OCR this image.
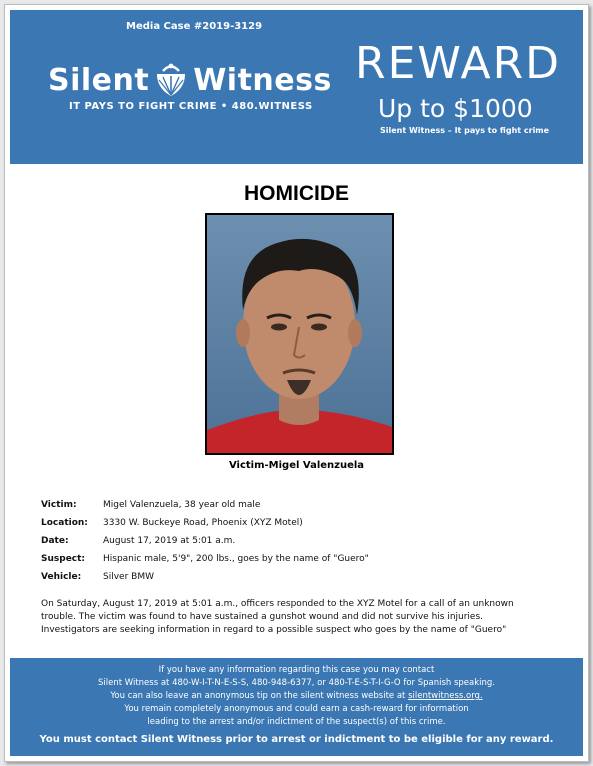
Media Case #2019-3129
Silent Witness
IT PAYS TO FIGHT CRIME • 480.WITNESS
REWARD
Up to $1000
Silent Witness – It pays to fight crime
HOMICIDE
Victim-Migel Valenzuela
Victim:	Migel Valenzuela, 38 year old male
Location:	3330 W. Buckeye Road, Phoenix (XYZ Motel)
Date:	August 17, 2019 at 5:01 a.m.
Suspect:	Hispanic male, 5'9", 200 lbs., goes by the name of "Guero"
Vehicle:	Silver BMW
On Saturday, August 17, 2019 at 5:01 a.m., officers responded to the XYZ Motel for a call of an unknown
trouble. The victim was found to have sustained a gunshot wound and did not survive his injuries.
Investigators are seeking information in regard to a possible suspect who goes by the name of "Guero"
If you have any information regarding this case you may contact
Silent Witness at 480-W-I-T-N-E-S-S, 480-948-6377, or 480-T-E-S-T-I-G-O for Spanish speaking.
You can also leave an anonymous tip on the silent witness website at silentwitness.org.
You remain completely anonymous and could earn a cash-reward for information
leading to the arrest and/or indictment of the suspect(s) of this crime.
You must contact Silent Witness prior to arrest or indictment to be eligible for any reward.
